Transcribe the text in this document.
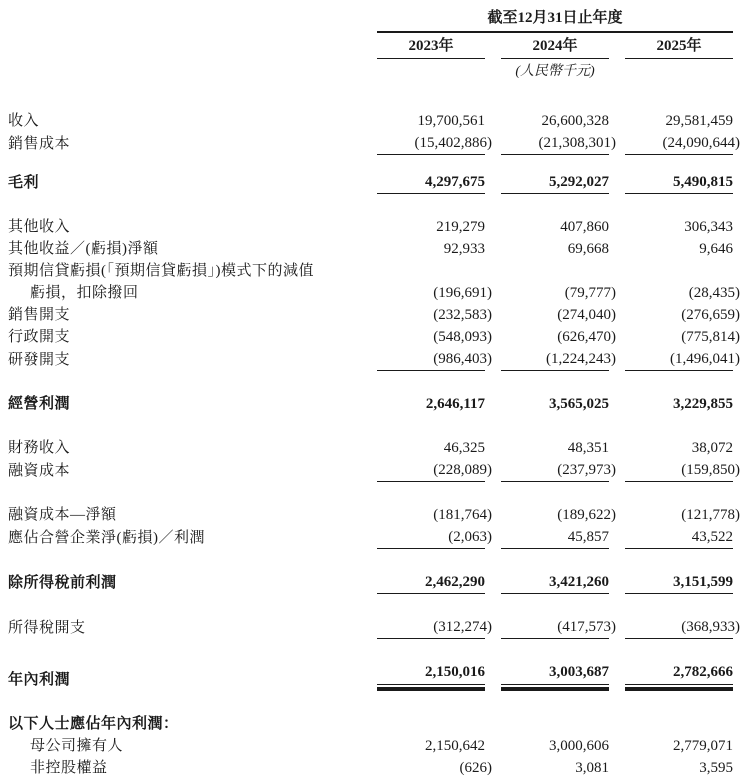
截至12月31日止年度
2023年	2024年	2025年
(人民幣千元)
收入	19,700,561	26,600,328	29,581,459
銷售成本	(15,402,886)	(21,308,301)	(24,090,644)
毛利	4,297,675	5,292,027	5,490,815
其他收入	219,279	407,860	306,343
其他收益／(虧損)淨額	92,933	69,668	9,646
預期信貸虧損(「預期信貸虧損」)模式下的減值
虧損，扣除撥回	(196,691)	(79,777)	(28,435)
銷售開支	(232,583)	(274,040)	(276,659)
行政開支	(548,093)	(626,470)	(775,814)
研發開支	(986,403)	(1,224,243)	(1,496,041)
經營利潤	2,646,117	3,565,025	3,229,855
財務收入	46,325	48,351	38,072
融資成本	(228,089)	(237,973)	(159,850)
融資成本—淨額	(181,764)	(189,622)	(121,778)
應佔合營企業淨(虧損)／利潤	(2,063)	45,857	43,522
除所得稅前利潤	2,462,290	3,421,260	3,151,599
所得稅開支	(312,274)	(417,573)	(368,933)
年內利潤	2,150,016	3,003,687	2,782,666
以下人士應佔年內利潤：
母公司擁有人	2,150,642	3,000,606	2,779,071
非控股權益	(626)	3,081	3,595
